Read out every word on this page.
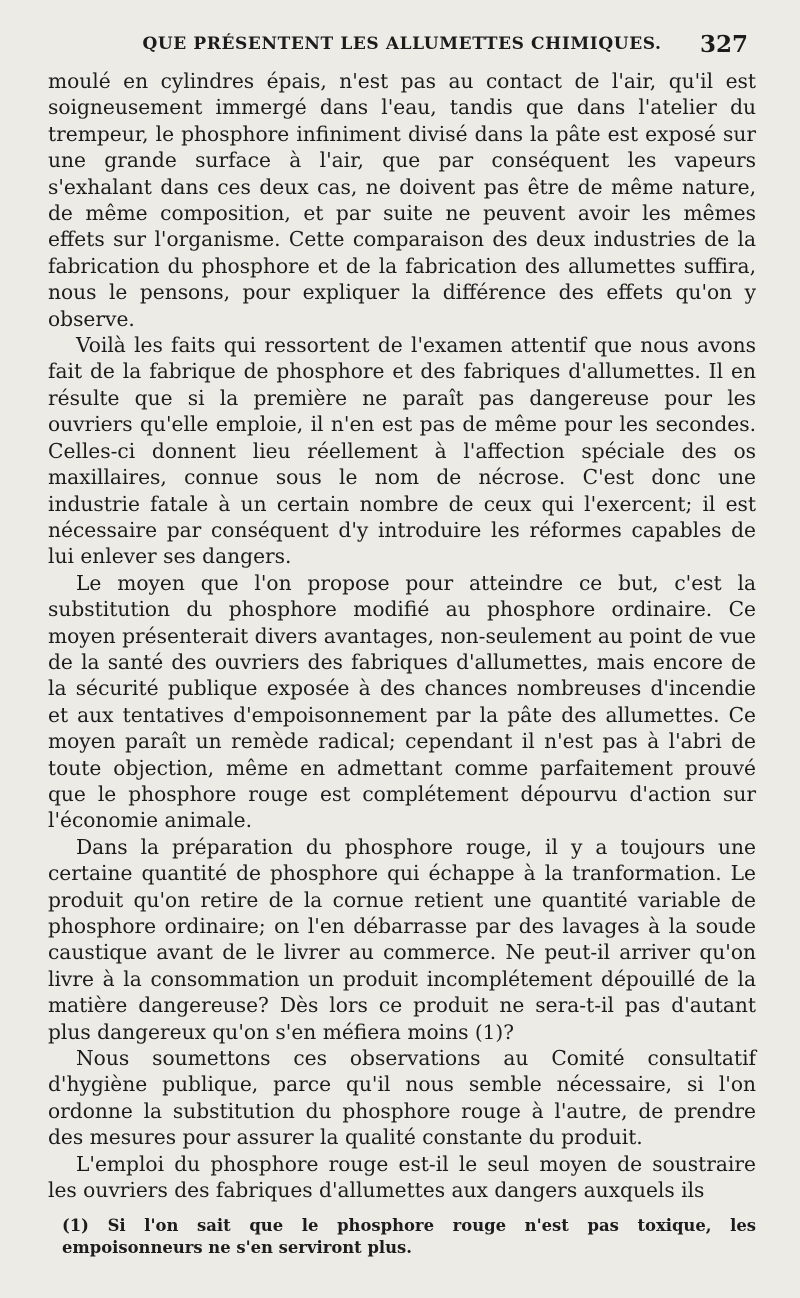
QUE PRÉSENTENT LES ALLUMETTES CHIMIQUES.	327

moulé en cylindres épais, n'est pas au contact de l'air, qu'il est soigneusement immergé dans l'eau, tandis que dans l'atelier du trempeur, le phosphore infiniment divisé dans la pâte est exposé sur une grande surface à l'air, que par conséquent les vapeurs s'exhalant dans ces deux cas, ne doivent pas être de même nature, de même composition, et par suite ne peuvent avoir les mêmes effets sur l'organisme. Cette comparaison des deux industries de la fabrication du phosphore et de la fabrication des allumettes suffira, nous le pensons, pour expliquer la différence des effets qu'on y observe.

Voilà les faits qui ressortent de l'examen attentif que nous avons fait de la fabrique de phosphore et des fabriques d'allumettes. Il en résulte que si la première ne paraît pas dangereuse pour les ouvriers qu'elle emploie, il n'en est pas de même pour les secondes. Celles-ci donnent lieu réellement à l'affection spéciale des os maxillaires, connue sous le nom de nécrose. C'est donc une industrie fatale à un certain nombre de ceux qui l'exercent; il est nécessaire par conséquent d'y introduire les réformes capables de lui enlever ses dangers.

Le moyen que l'on propose pour atteindre ce but, c'est la substitution du phosphore modifié au phosphore ordinaire. Ce moyen présenterait divers avantages, non-seulement au point de vue de la santé des ouvriers des fabriques d'allumettes, mais encore de la sécurité publique exposée à des chances nombreuses d'incendie et aux tentatives d'empoisonnement par la pâte des allumettes. Ce moyen paraît un remède radical; cependant il n'est pas à l'abri de toute objection, même en admettant comme parfaitement prouvé que le phosphore rouge est complétement dépourvu d'action sur l'économie animale.

Dans la préparation du phosphore rouge, il y a toujours une certaine quantité de phosphore qui échappe à la tranformation. Le produit qu'on retire de la cornue retient une quantité variable de phosphore ordinaire; on l'en débarrasse par des lavages à la soude caustique avant de le livrer au commerce. Ne peut-il arriver qu'on livre à la consommation un produit incomplétement dépouillé de la matière dangereuse? Dès lors ce produit ne sera-t-il pas d'autant plus dangereux qu'on s'en méfiera moins (1)?

Nous soumettons ces observations au Comité consultatif d'hygiène publique, parce qu'il nous semble nécessaire, si l'on ordonne la substitution du phosphore rouge à l'autre, de prendre des mesures pour assurer la qualité constante du produit.

L'emploi du phosphore rouge est-il le seul moyen de soustraire les ouvriers des fabriques d'allumettes aux dangers auxquels ils

(1) Si l'on sait que le phosphore rouge n'est pas toxique, les empoisonneurs ne s'en serviront plus.
